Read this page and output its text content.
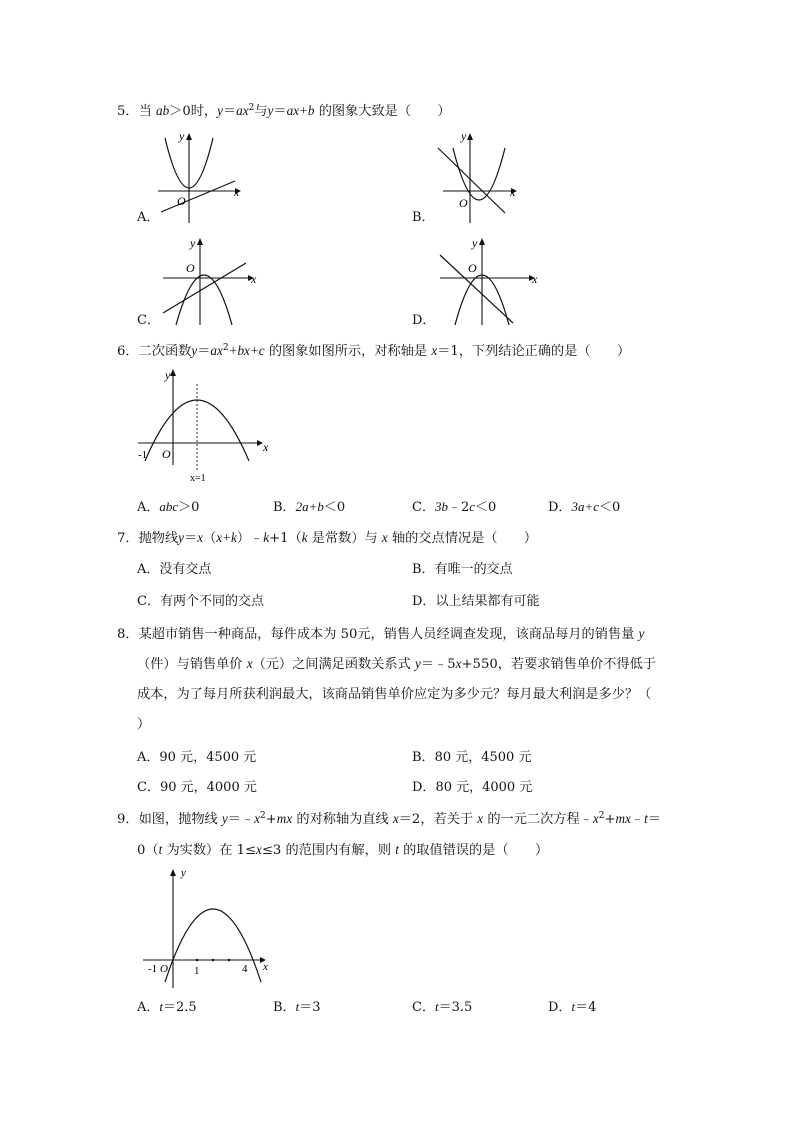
5．当 ab＞0时，$y=ax^2$与y＝ax+b 的图象大致是（　　）
x
y
O
A．
x
y
O
B．
x
y
O
C．
x
y
O
D．
6．二次函数$y=ax^2+bx+c$ 的图象如图所示，对称轴是 x＝1，下列结论正确的是（　　）
y
x
-1 O
x=1
A．abc＞0	B．2a+b＜0	C．3b﹣2c＜0	D．3a+c＜0
7．抛物线y＝x（x+k）﹣k+1（k 是常数）与 x 轴的交点情况是（　　）
A．没有交点	B．有唯一的交点
C．有两个不同的交点	D．以上结果都有可能
8．某超市销售一种商品，每件成本为 50元，销售人员经调查发现，该商品每月的销售量 y
（件）与销售单价 x（元）之间满足函数关系式 y＝﹣5x+550，若要求销售单价不得低于
成本，为了每月所获利润最大，该商品销售单价应定为多少元？每月最大利润是多少？（
）
A．90 元，4500 元	B．80 元，4500 元
C．90 元，4000 元	D．80 元，4000 元
9．如图，抛物线 $y=﹣x^2+mx$ 的对称轴为直线 x＝2，若关于 x 的一元二次方程$﹣x^2+mx﹣t=$
0（t 为实数）在 1≤x≤3 的范围内有解，则 t 的取值错误的是（　　）
y
x
-1 O 1	4
A．t＝2.5	B．t＝3	C．t＝3.5	D．t＝4
